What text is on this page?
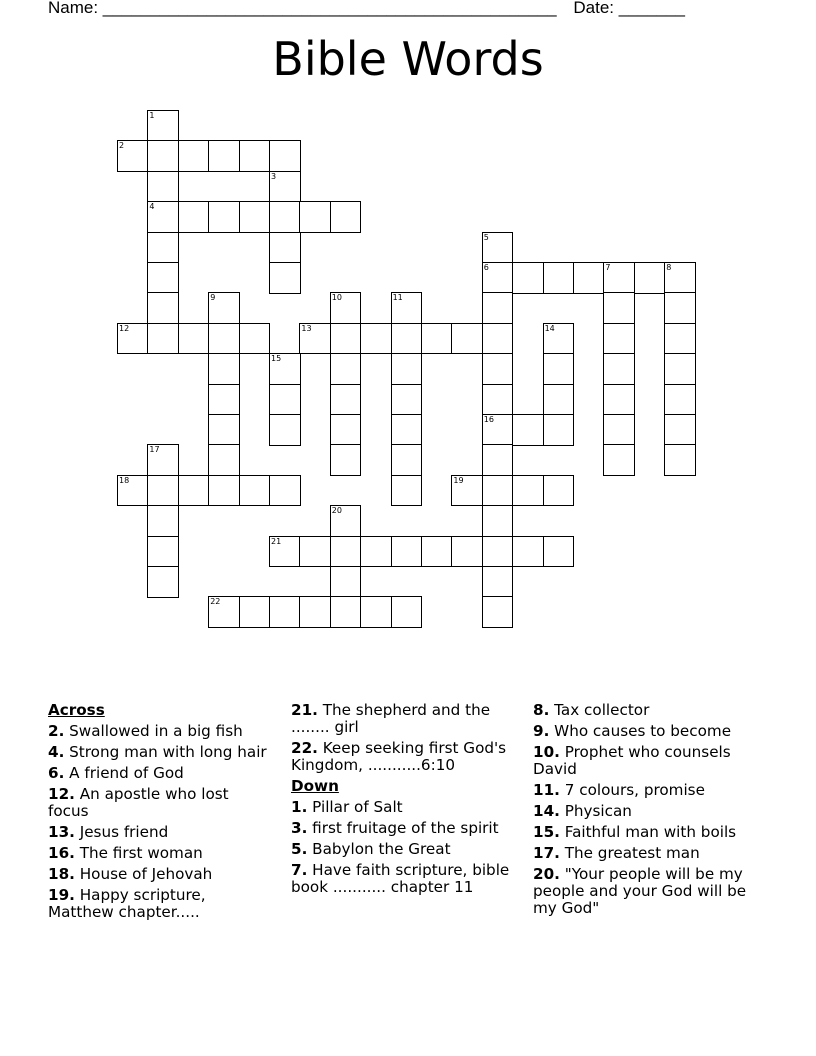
Name: ________________________________________________ Date: _______
Bible Words
1
2
3
4
5
6	7	8
9	10	11
12	13	14
15
16
17
18	19
20
21
22
Across
2. Swallowed in a big fish
4. Strong man with long hair
6. A friend of God
12. An apostle who lost focus
13. Jesus friend
16. The first woman
18. House of Jehovah
19. Happy scripture, Matthew chapter.....
21. The shepherd and the ........ girl
22. Keep seeking first God's Kingdom, ...........6:10
Down
1. Pillar of Salt
3. first fruitage of the spirit
5. Babylon the Great
7. Have faith scripture, bible book ........... chapter 11
8. Tax collector
9. Who causes to become
10. Prophet who counsels David
11. 7 colours, promise
14. Physican
15. Faithful man with boils
17. The greatest man
20. "Your people will be my people and your God will be my God"
